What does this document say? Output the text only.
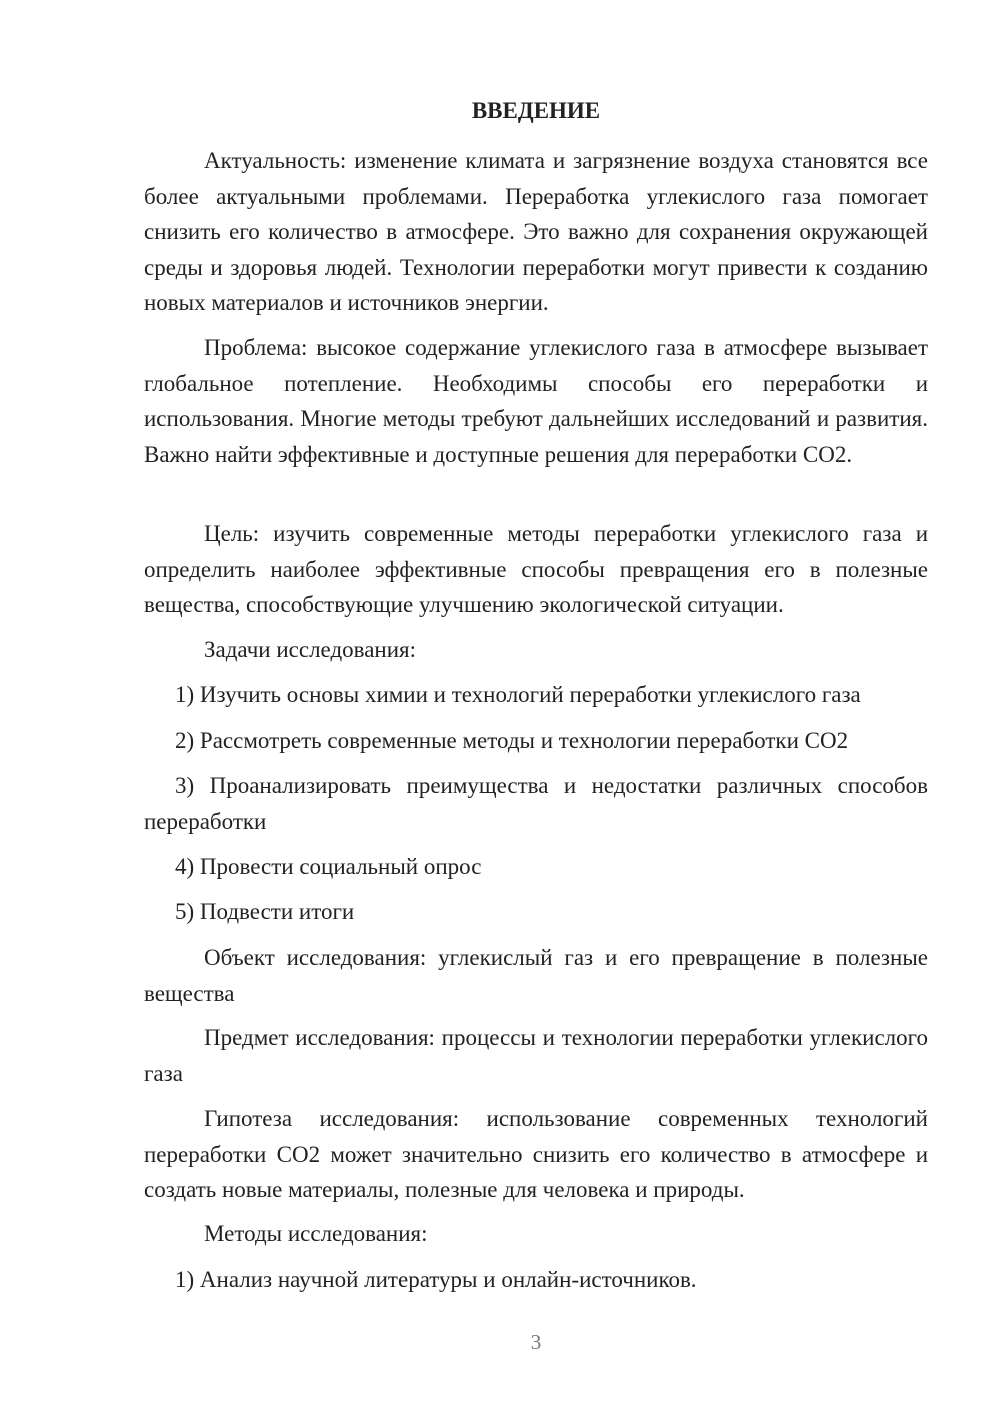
ВВЕДЕНИЕ

Актуальность: изменение климата и загрязнение воздуха становятся все более актуальными проблемами. Переработка углекислого газа помогает снизить его количество в атмосфере. Это важно для сохранения окружающей среды и здоровья людей. Технологии переработки могут привести к созданию новых материалов и источников энергии.

Проблема: высокое содержание углекислого газа в атмосфере вызывает глобальное потепление. Необходимы способы его переработки и использования. Многие методы требуют дальнейших исследований и развития. Важно найти эффективные и доступные решения для переработки CO2.

Цель: изучить современные методы переработки углекислого газа и определить наиболее эффективные способы превращения его в полезные вещества, способствующие улучшению экологической ситуации.

Задачи исследования:

1) Изучить основы химии и технологий переработки углекислого газа

2) Рассмотреть современные методы и технологии переработки CO2

3) Проанализировать преимущества и недостатки различных способов переработки

4) Провести социальный опрос

5) Подвести итоги

Объект исследования: углекислый газ и его превращение в полезные вещества

Предмет исследования: процессы и технологии переработки углекислого газа

Гипотеза исследования: использование современных технологий переработки CO2 может значительно снизить его количество в атмосфере и создать новые материалы, полезные для человека и природы.

Методы исследования:

1) Анализ научной литературы и онлайн-источников.

3
